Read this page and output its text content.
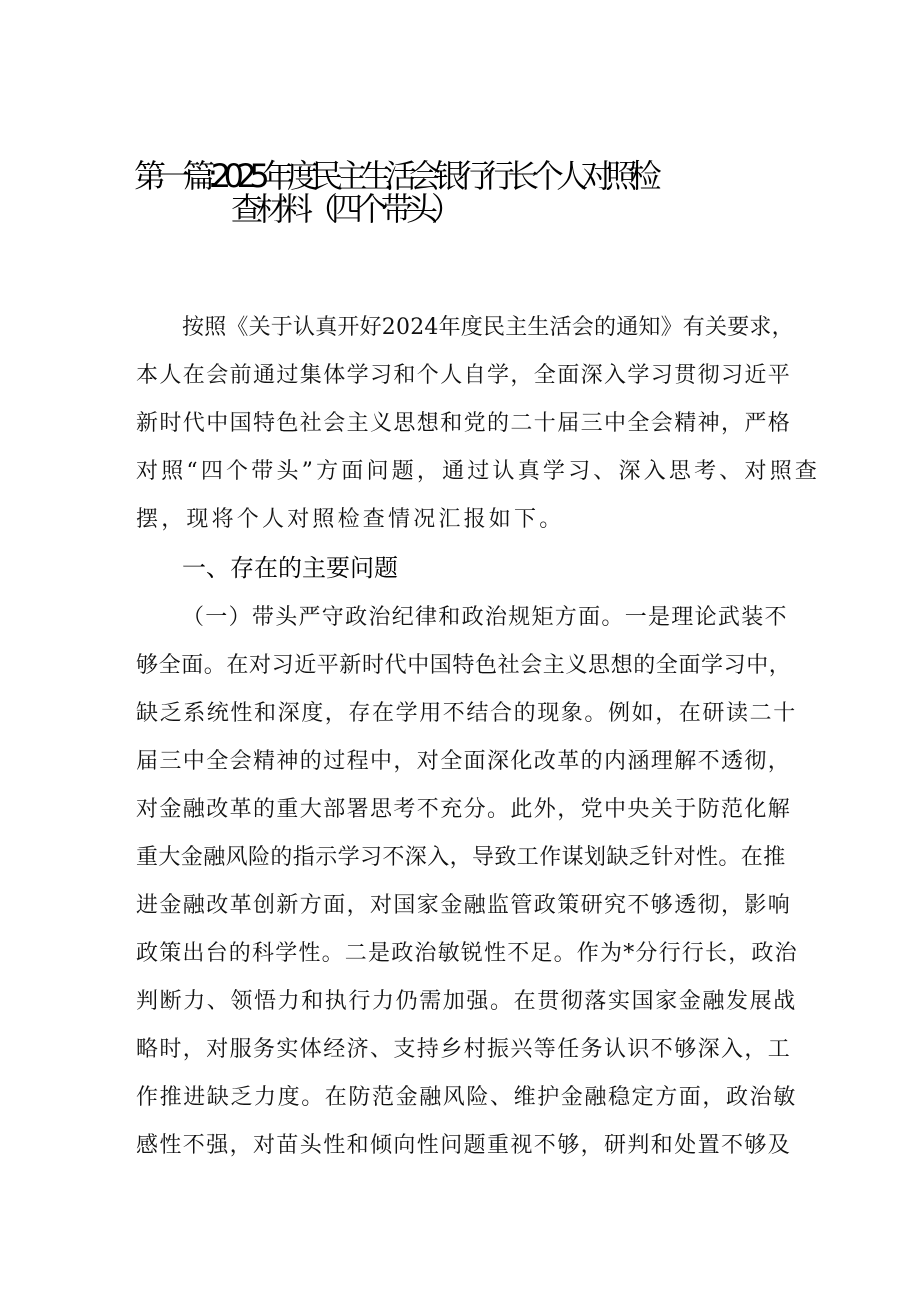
第一篇:2025年度民主生活会银行行长个人对照检
查材料（四个带头）
按照《关于认真开好2024年度民主生活会的通知》有关要求，
本人在会前通过集体学习和个人自学，全面深入学习贯彻习近平
新时代中国特色社会主义思想和党的二十届三中全会精神，严格
对照“四个带头”方面问题，通过认真学习、深入思考、对照查
摆，现将个人对照检查情况汇报如下。
一、存在的主要问题
（一）带头严守政治纪律和政治规矩方面。一是理论武装不
够全面。在对习近平新时代中国特色社会主义思想的全面学习中，
缺乏系统性和深度，存在学用不结合的现象。例如，在研读二十
届三中全会精神的过程中，对全面深化改革的内涵理解不透彻，
对金融改革的重大部署思考不充分。此外，党中央关于防范化解
重大金融风险的指示学习不深入，导致工作谋划缺乏针对性。在推
进金融改革创新方面，对国家金融监管政策研究不够透彻，影响
政策出台的科学性。二是政治敏锐性不足。作为*分行行长，政治
判断力、领悟力和执行力仍需加强。在贯彻落实国家金融发展战
略时，对服务实体经济、支持乡村振兴等任务认识不够深入，工
作推进缺乏力度。在防范金融风险、维护金融稳定方面，政治敏
感性不强，对苗头性和倾向性问题重视不够，研判和处置不够及
